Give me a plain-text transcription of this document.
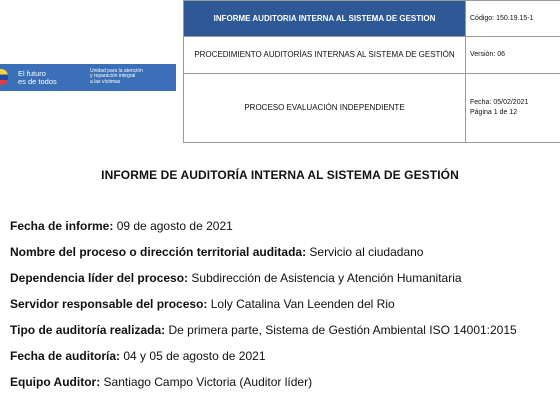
El futuro
es de todos
Unidad para la atención
y reparación integral
a las víctimas	INFORME AUDITORIA INTERNA AL SISTEMA DE GESTION	Código: 150.19.15-1
	PROCEDIMIENTO AUDITORÍAS INTERNAS AL SISTEMA DE GESTIÓN	Versión: 06
	PROCESO EVALUACIÓN INDEPENDIENTE	Fecha: 05/02/2021
Página 1 de 12
INFORME DE AUDITORÍA INTERNA AL SISTEMA DE GESTIÓN
Fecha de informe: 09 de agosto de 2021
Nombre del proceso o dirección territorial auditada: Servicio al ciudadano
Dependencia líder del proceso: Subdirección de Asistencia y Atención Humanitaria
Servidor responsable del proceso: Loly Catalina Van Leenden del Rio
Tipo de auditoría realizada: De primera parte, Sistema de Gestión Ambiental ISO 14001:2015
Fecha de auditoría: 04 y 05 de agosto de 2021
Equipo Auditor: Santiago Campo Victoria (Auditor líder)
